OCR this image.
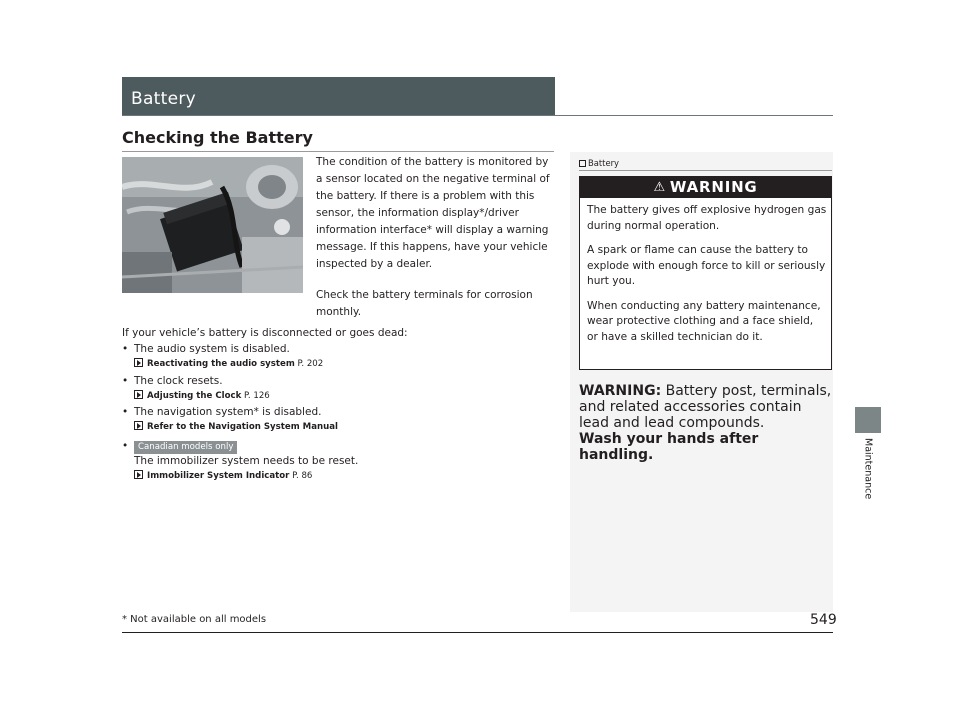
Battery
Maintenance
Checking the Battery

The condition of the battery is monitored by a sensor located on the negative terminal of the battery. If there is a problem with this sensor, the information display*/driver information interface* will display a warning message. If this happens, have your vehicle inspected by a dealer.

Check the battery terminals for corrosion monthly.

If your vehicle’s battery is disconnected or goes dead:
• The audio system is disabled.
Reactivating the audio system P. 202
• The clock resets.
Adjusting the Clock P. 126
• The navigation system* is disabled.
Refer to the Navigation System Manual
• Canadian models only
The immobilizer system needs to be reset.
Immobilizer System Indicator P. 86
Battery
⚠ WARNING

The battery gives off explosive hydrogen gas during normal operation.

A spark or flame can cause the battery to explode with enough force to kill or seriously hurt you.

When conducting any battery maintenance, wear protective clothing and a face shield, or have a skilled technician do it.

WARNING: Battery post, terminals, and related accessories contain lead and lead compounds.
Wash your hands after handling.
* Not available on all models	549
